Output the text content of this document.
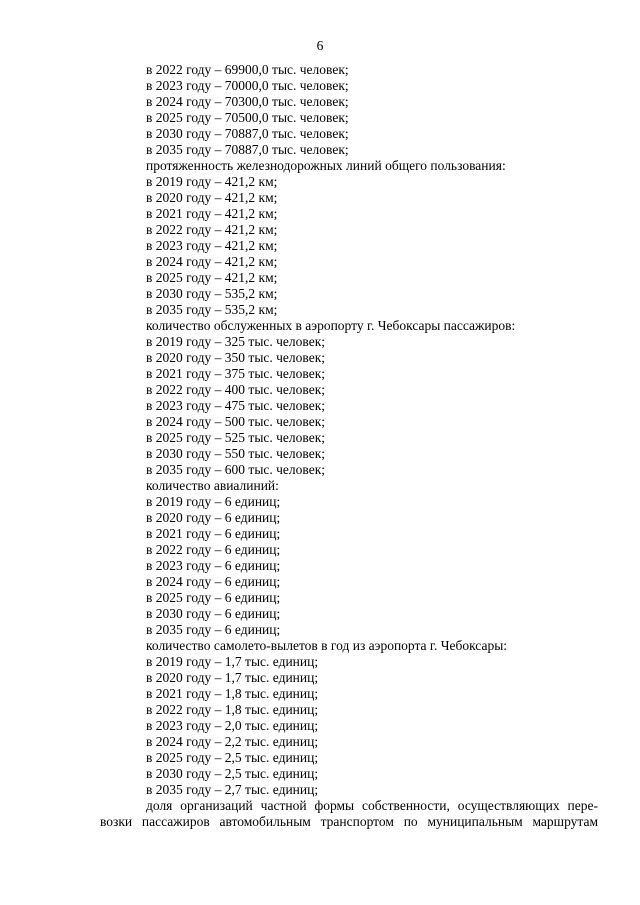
6
в 2022 году – 69900,0 тыс. человек;
в 2023 году – 70000,0 тыс. человек;
в 2024 году – 70300,0 тыс. человек;
в 2025 году – 70500,0 тыс. человек;
в 2030 году – 70887,0 тыс. человек;
в 2035 году – 70887,0 тыс. человек;
протяженность железнодорожных линий общего пользования:
в 2019 году – 421,2 км;
в 2020 году – 421,2 км;
в 2021 году – 421,2 км;
в 2022 году – 421,2 км;
в 2023 году – 421,2 км;
в 2024 году – 421,2 км;
в 2025 году – 421,2 км;
в 2030 году – 535,2 км;
в 2035 году – 535,2 км;
количество обслуженных в аэропорту г. Чебоксары пассажиров:
в 2019 году – 325 тыс. человек;
в 2020 году – 350 тыс. человек;
в 2021 году – 375 тыс. человек;
в 2022 году – 400 тыс. человек;
в 2023 году – 475 тыс. человек;
в 2024 году – 500 тыс. человек;
в 2025 году – 525 тыс. человек;
в 2030 году – 550 тыс. человек;
в 2035 году – 600 тыс. человек;
количество авиалиний:
в 2019 году – 6 единиц;
в 2020 году – 6 единиц;
в 2021 году – 6 единиц;
в 2022 году – 6 единиц;
в 2023 году – 6 единиц;
в 2024 году – 6 единиц;
в 2025 году – 6 единиц;
в 2030 году – 6 единиц;
в 2035 году – 6 единиц;
количество самолето-вылетов в год из аэропорта г. Чебоксары:
в 2019 году – 1,7 тыс. единиц;
в 2020 году – 1,7 тыс. единиц;
в 2021 году – 1,8 тыс. единиц;
в 2022 году – 1,8 тыс. единиц;
в 2023 году – 2,0 тыс. единиц;
в 2024 году – 2,2 тыс. единиц;
в 2025 году – 2,5 тыс. единиц;
в 2030 году – 2,5 тыс. единиц;
в 2035 году – 2,7 тыс. единиц;
доля организаций частной формы собственности, осуществляющих пере-
возки пассажиров автомобильным транспортом по муниципальным маршрутам
